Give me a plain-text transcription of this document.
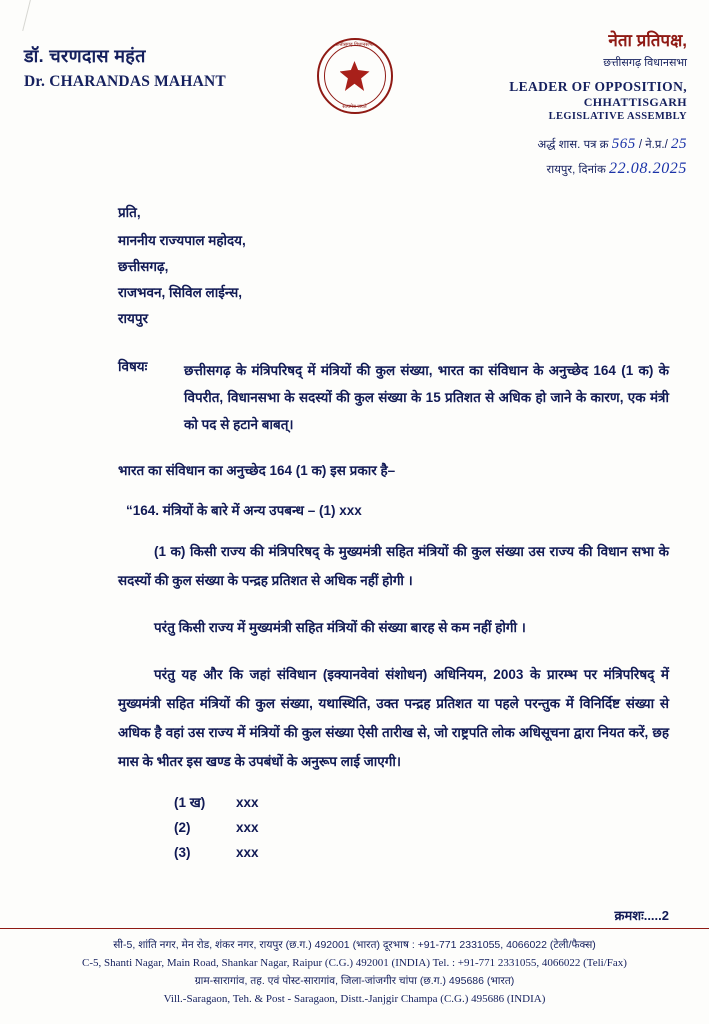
डॉ. चरणदास महंत
Dr. CHARANDAS MAHANT
छत्तीसगढ़ विधानसभा
सत्यमेव जयते
नेता प्रतिपक्ष,
छत्तीसगढ़ विधानसभा
LEADER OF OPPOSITION,
CHHATTISGARH
LEGISLATIVE ASSEMBLY
अर्द्ध शास. पत्र क्र 565 / ने.प्र./ 25
रायपुर, दिनांक 22.08.2025
प्रति,
माननीय राज्यपाल महोदय,
छत्तीसगढ़,
राजभवन, सिविल लाईन्स,
रायपुर
विषयः	छत्तीसगढ़ के मंत्रिपरिषद् में मंत्रियों की कुल संख्या, भारत का संविधान के अनुच्छेद 164 (1 क) के विपरीत, विधानसभा के सदस्यों की कुल संख्या के 15 प्रतिशत से अधिक हो जाने के कारण, एक मंत्री को पद से हटाने बाबत्।
भारत का संविधान का अनुच्छेद 164 (1 क) इस प्रकार है–
“164. मंत्रियों के बारे में अन्य उपबन्ध – (1) xxx
(1 क) किसी राज्य की मंत्रिपरिषद् के मुख्यमंत्री सहित मंत्रियों की कुल संख्या उस राज्य की विधान सभा के सदस्यों की कुल संख्या के पन्द्रह प्रतिशत से अधिक नहीं होगी ।
परंतु किसी राज्य में मुख्यमंत्री सहित मंत्रियों की संख्या बारह से कम नहीं होगी ।
परंतु यह और कि जहां संविधान (इक्यानवेवां संशोधन) अधिनियम, 2003 के प्रारम्भ पर मंत्रिपरिषद् में मुख्यमंत्री सहित मंत्रियों की कुल संख्या, यथास्थिति, उक्त पन्द्रह प्रतिशत या पहले परन्तुक में विनिर्दिष्ट संख्या से अधिक है वहां उस राज्य में मंत्रियों की कुल संख्या ऐसी तारीख से, जो राष्ट्रपति लोक अधिसूचना द्वारा नियत करें, छह मास के भीतर इस खण्ड के उपबंधों के अनुरूप लाई जाएगी।
(1 ख)	xxx
(2)	xxx
(3)	xxx
क्रमशः.....2
सी-5, शांति नगर, मेन रोड, शंकर नगर, रायपुर (छ.ग.) 492001 (भारत) दूरभाष : +91-771 2331055, 4066022 (टेली/फैक्स)
C-5, Shanti Nagar, Main Road, Shankar Nagar, Raipur (C.G.) 492001 (INDIA) Tel. : +91-771 2331055, 4066022 (Teli/Fax)
ग्राम-सारागांव, तह. एवं पोस्ट-सारागांव, जिला-जांजगीर चांपा (छ.ग.) 495686 (भारत)
Vill.-Saragaon, Teh. & Post - Saragaon, Distt.-Janjgir Champa (C.G.) 495686 (INDIA)
